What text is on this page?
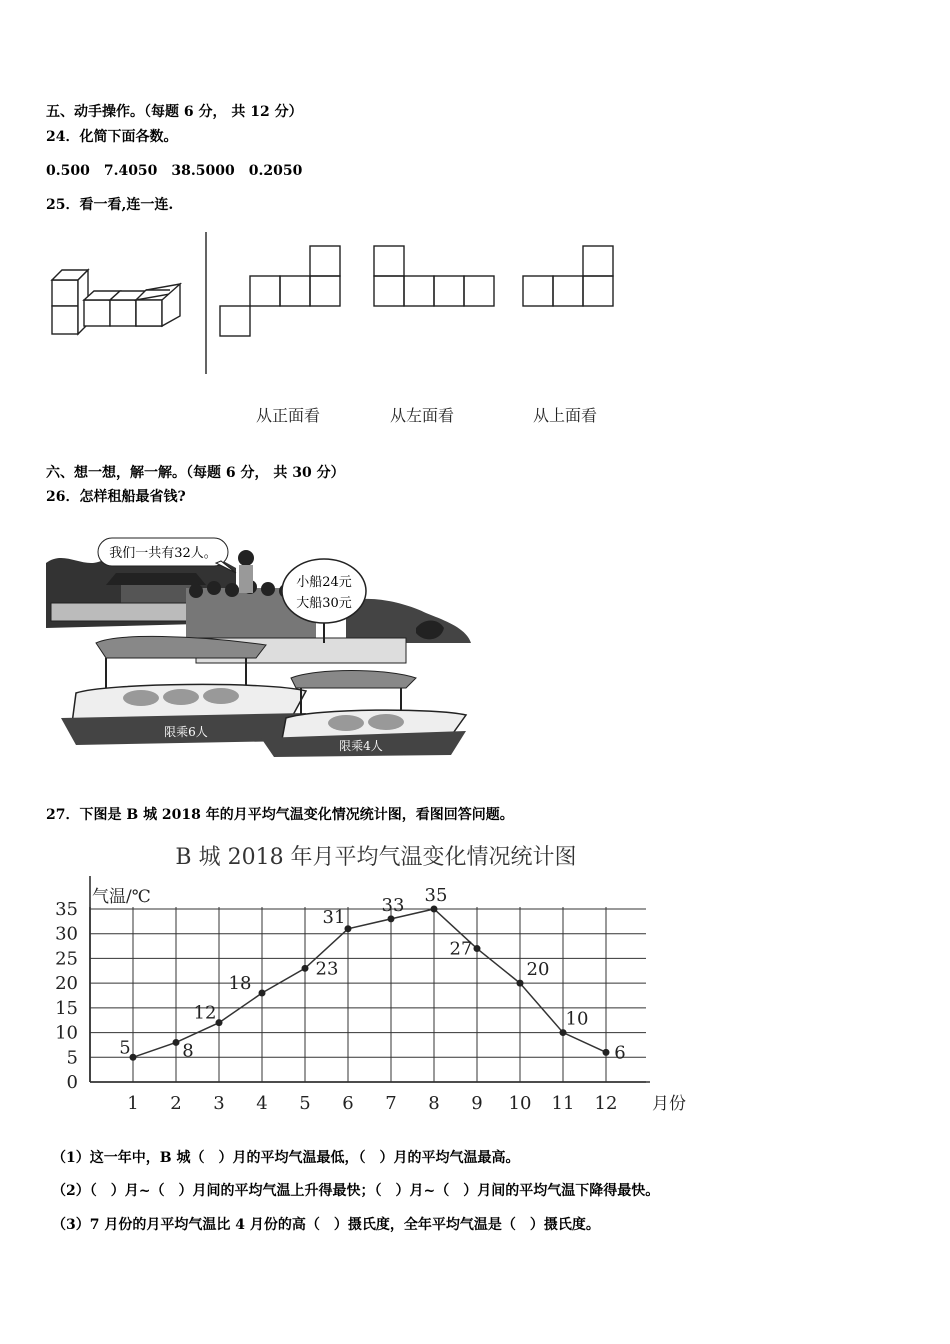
五、动手操作。（每题 6 分， 共 12 分）
24．化简下面各数。
0.500　7.4050　38.5000　0.2050
25．看一看,连一连.
从正面看	从左面看	从上面看
六、想一想，解一解。（每题 6 分， 共 30 分）
26．怎样租船最省钱?
我们一共有32人。
小船24元
大船30元
限乘6人
限乘4人
27．下图是 B 城 2018 年的月平均气温变化情况统计图，看图回答问题。
B 城 2018 年月平均气温变化情况统计图
气温/℃
月份
0
5
10
15
20
25
30
35
1 2 3 4 5 6 7 8 9 10 11 12
5	8
12
18
23
31
33 35
27
20
10
6
（1）这一年中，B 城（　）月的平均气温最低，（　）月的平均气温最高。
（2）（　）月~（　）月间的平均气温上升得最快；（　）月~（　）月间的平均气温下降得最快。
（3）7 月份的月平均气温比 4 月份的高（　）摄氏度，全年平均气温是（　）摄氏度。
